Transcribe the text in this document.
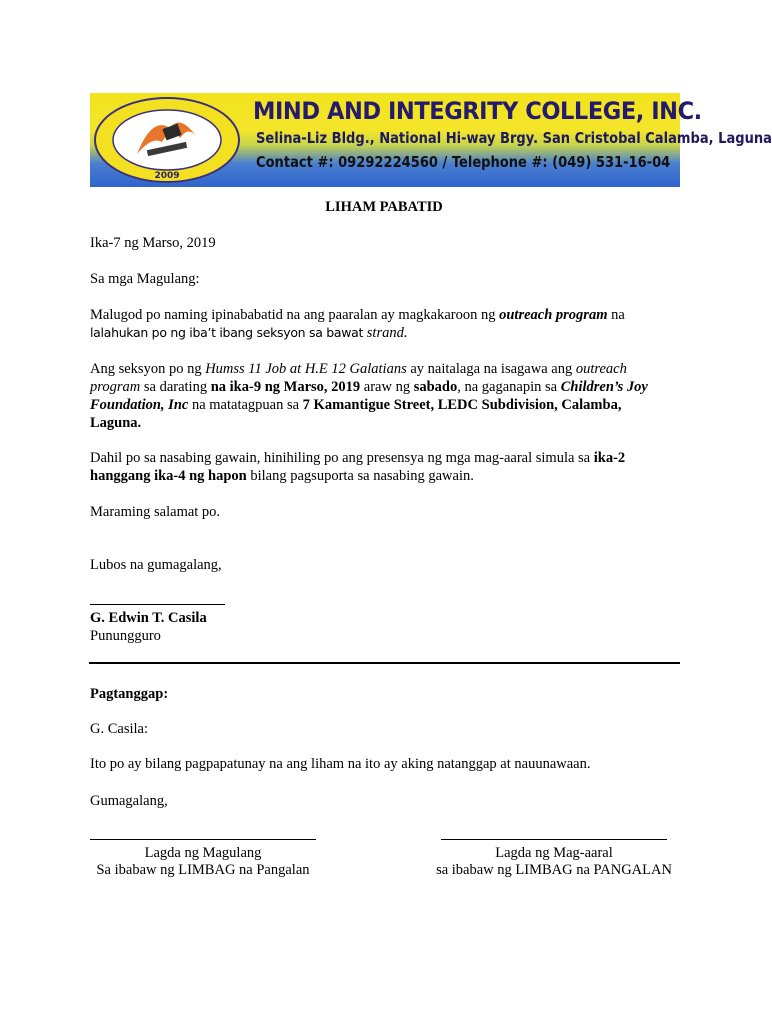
2009
MIND AND INTEGRITY COLLEGE, INC.
Selina-Liz Bldg., National Hi-way Brgy. San Cristobal Calamba, Laguna
Contact #: 09292224560 / Telephone #: (049) 531-16-04
LIHAM PABATID
Ika-7 ng Marso, 2019
Sa mga Magulang:
Malugod po naming ipinababatid na ang paaralan ay magkakaroon ng outreach program na
lalahukan po ng iba’t ibang seksyon sa bawat strand.
Ang seksyon po ng Humss 11 Job at H.E 12 Galatians ay naitalaga na isagawa ang outreach
program sa darating na ika-9 ng Marso, 2019 araw ng sabado, na gaganapin sa Children’s Joy
Foundation, Inc na matatagpuan sa 7 Kamantigue Street, LEDC Subdivision, Calamba,
Laguna.
Dahil po sa nasabing gawain, hinihiling po ang presensya ng mga mag-aaral simula sa ika-2
hanggang ika-4 ng hapon bilang pagsuporta sa nasabing gawain.
Maraming salamat po.
Lubos na gumagalang,
G. Edwin T. Casila
Punungguro
Pagtanggap:
G. Casila:
Ito po ay bilang pagpapatunay na ang liham na ito ay aking natanggap at nauunawaan.
Gumagalang,
Lagda ng Magulang
Sa ibabaw ng LIMBAG na Pangalan
Lagda ng Mag-aaral
sa ibabaw ng LIMBAG na PANGALAN
